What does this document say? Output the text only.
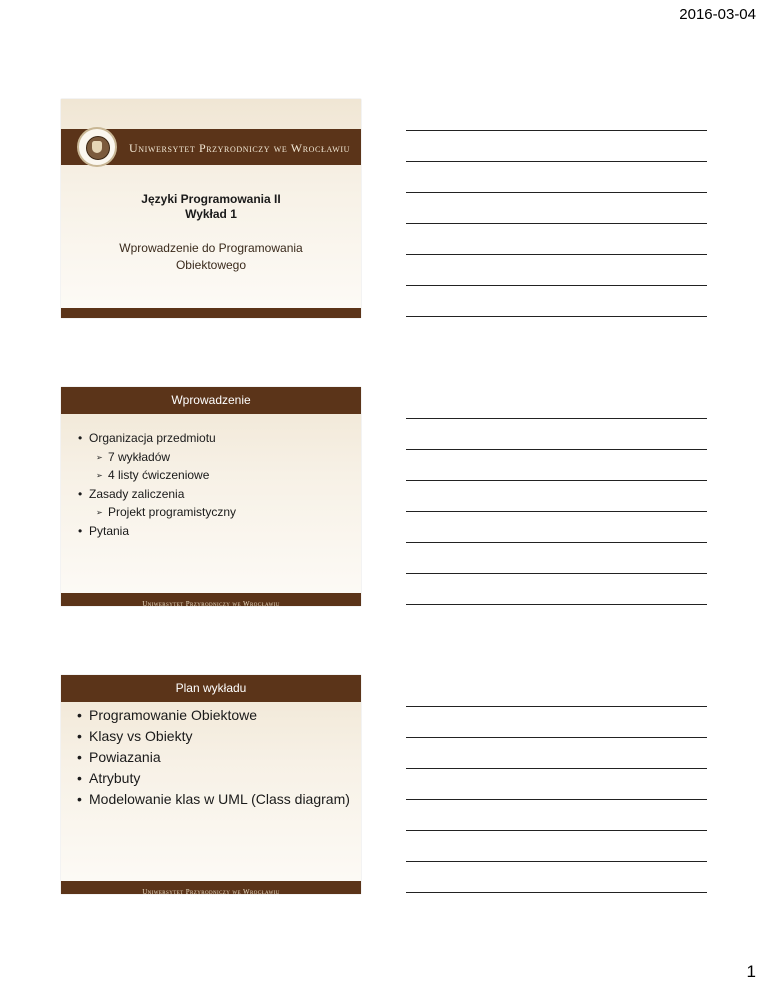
2016-03-04
Uniwersytet Przyrodniczy we Wrocławiu
Języki Programowania II
Wykład 1
Wprowadzenie do Programowania
Obiektowego
Wprowadzenie
• Organizacja przedmiotu
➢ 7 wykładów
➢ 4 listy ćwiczeniowe
• Zasady zaliczenia
➢ Projekt programistyczny
• Pytania
Uniwersytet Przyrodniczy we Wrocławiu
Plan wykładu
• Programowanie Obiektowe
• Klasy vs Obiekty
• Powiazania
• Atrybuty
• Modelowanie klas w UML (Class diagram)
Uniwersytet Przyrodniczy we Wrocławiu
1
